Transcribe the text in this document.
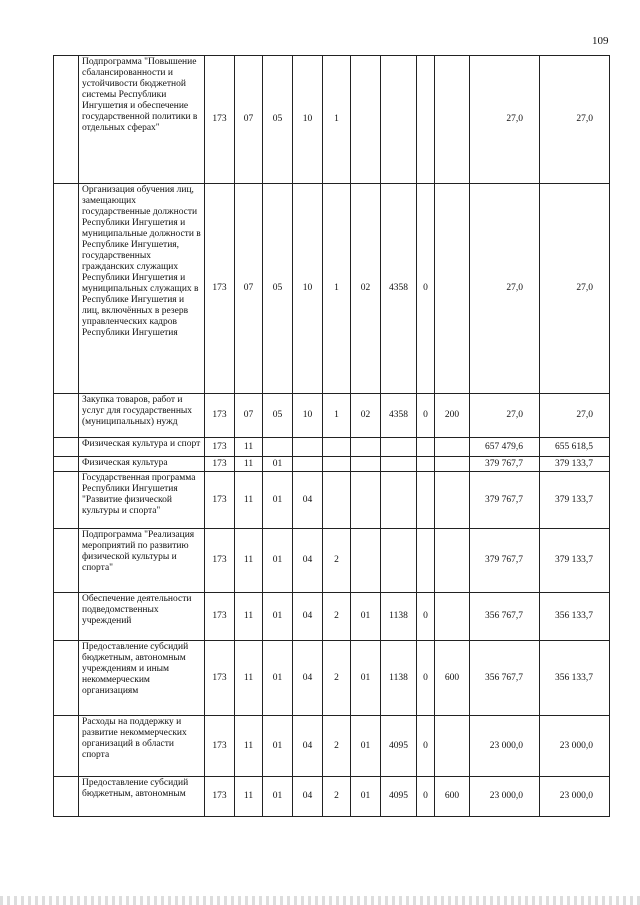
109
	Подпрограмма "Повышение сбалансированности и устойчивости бюджетной системы Республики Ингушетия и обеспечение государственной политики в отдельных сферах"	173	07	05	10	1					27,0	27,0
	Организация обучения лиц, замещающих государственные должности Республики Ингушетия и муниципальные должности в Республике Ингушетия, государственных гражданских служащих Республики Ингушетия и муниципальных служащих в Республике Ингушетия и лиц, включённых в резерв управленческих кадров Республики Ингушетия	173	07	05	10	1	02	4358	0		27,0	27,0
	Закупка товаров, работ и услуг для государственных (муниципальных) нужд	173	07	05	10	1	02	4358	0	200	27,0	27,0
	Физическая культура и спорт	173	11								657 479,6	655 618,5
	Физическая культура	173	11	01							379 767,7	379 133,7
	Государственная программа Республики Ингушетия "Развитие физической культуры и спорта"	173	11	01	04						379 767,7	379 133,7
	Подпрограмма "Реализация мероприятий по развитию физической культуры и спорта"	173	11	01	04	2					379 767,7	379 133,7
	Обеспечение деятельности подведомственных учреждений	173	11	01	04	2	01	1138	0		356 767,7	356 133,7
	Предоставление субсидий бюджетным, автономным учреждениям и иным некоммерческим организациям	173	11	01	04	2	01	1138	0	600	356 767,7	356 133,7
	Расходы на поддержку и развитие некоммерческих организаций в области спорта	173	11	01	04	2	01	4095	0		23 000,0	23 000,0
	Предоставление субсидий бюджетным, автономным	173	11	01	04	2	01	4095	0	600	23 000,0	23 000,0
